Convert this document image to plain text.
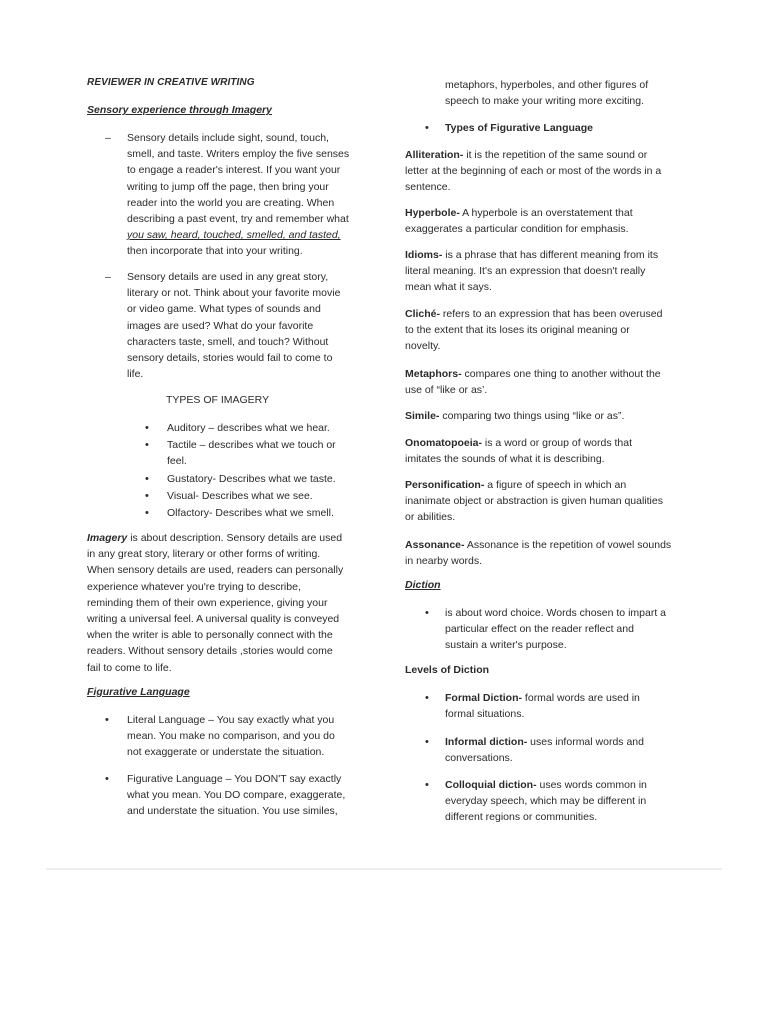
REVIEWER IN CREATIVE WRITING

Sensory experience through Imagery

– Sensory details include sight, sound, touch,
smell, and taste. Writers employ the five senses
to engage a reader's interest. If you want your
writing to jump off the page, then bring your
reader into the world you are creating. When
describing a past event, try and remember what
you saw, heard, touched, smelled, and tasted,
then incorporate that into your writing.
– Sensory details are used in any great story,
literary or not. Think about your favorite movie
or video game. What types of sounds and
images are used? What do your favorite
characters taste, smell, and touch? Without
sensory details, stories would fail to come to
life.
TYPES OF IMAGERY
• Auditory – describes what we hear.
• Tactile – describes what we touch or
feel.
• Gustatory- Describes what we taste.
• Visual- Describes what we see.
• Olfactory- Describes what we smell.
Imagery is about description. Sensory details are used
in any great story, literary or other forms of writing.
When sensory details are used, readers can personally
experience whatever you're trying to describe,
reminding them of their own experience, giving your
writing a universal feel. A universal quality is conveyed
when the writer is able to personally connect with the
readers. Without sensory details ,stories would come
fail to come to life.

Figurative Language

• Literal Language – You say exactly what you
mean. You make no comparison, and you do
not exaggerate or understate the situation.
• Figurative Language – You DON'T say exactly
what you mean. You DO compare, exaggerate,
and understate the situation. You use similes,
metaphors, hyperboles, and other figures of
speech to make your writing more exciting.
• Types of Figurative Language
Alliteration- it is the repetition of the same sound or
letter at the beginning of each or most of the words in a
sentence.
Hyperbole- A hyperbole is an overstatement that
exaggerates a particular condition for emphasis.
Idioms- is a phrase that has different meaning from its
literal meaning. It's an expression that doesn't really
mean what it says.
Cliché- refers to an expression that has been overused
to the extent that its loses its original meaning or
novelty.
Metaphors- compares one thing to another without the
use of “like or as’.
Simile- comparing two things using “like or as”.
Onomatopoeia- is a word or group of words that
imitates the sounds of what it is describing.
Personification- a figure of speech in which an
inanimate object or abstraction is given human qualities
or abilities.
Assonance- Assonance is the repetition of vowel sounds
in nearby words.

Diction

• is about word choice. Words chosen to impart a
particular effect on the reader reflect and
sustain a writer's purpose.

Levels of Diction

• Formal Diction- formal words are used in
formal situations.
• Informal diction- uses informal words and
conversations.
• Colloquial diction- uses words common in
everyday speech, which may be different in
different regions or communities.
